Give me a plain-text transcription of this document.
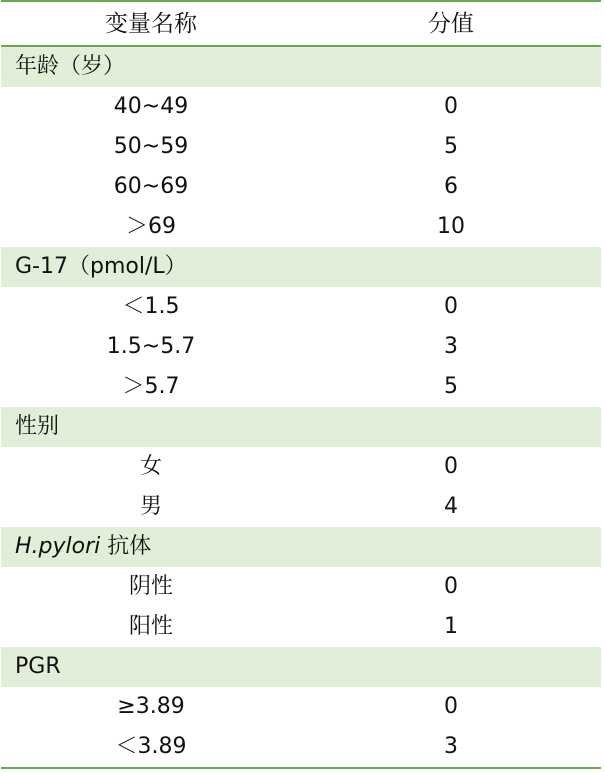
变量名称	分值
年龄（岁）
40~49	0
50~59	5
60~69	6
＞69	10
G-17（pmol/L）
＜1.5	0
1.5~5.7	3
＞5.7	5
性别
女	0
男	4
H.pylori 抗体
阴性	0
阳性	1
PGR
≥3.89	0
＜3.89	3
